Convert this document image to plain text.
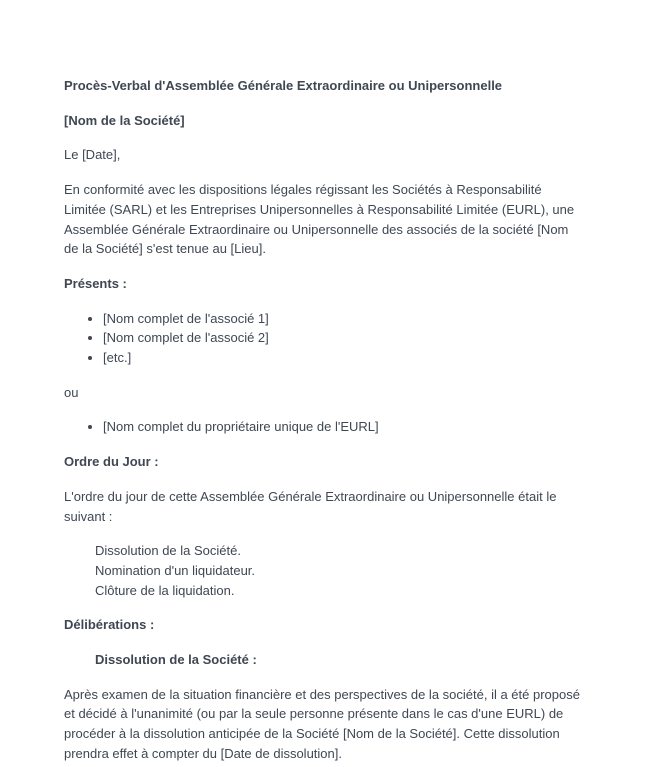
Procès-Verbal d'Assemblée Générale Extraordinaire ou Unipersonnelle

[Nom de la Société]

Le [Date],

En conformité avec les dispositions légales régissant les Sociétés à Responsabilité Limitée (SARL) et les Entreprises Unipersonnelles à Responsabilité Limitée (EURL), une Assemblée Générale Extraordinaire ou Unipersonnelle des associés de la société [Nom de la Société] s'est tenue au [Lieu].

Présents :

• [Nom complet de l'associé 1]
• [Nom complet de l'associé 2]
• [etc.]

ou

• [Nom complet du propriétaire unique de l'EURL]

Ordre du Jour :

L'ordre du jour de cette Assemblée Générale Extraordinaire ou Unipersonnelle était le suivant :

Dissolution de la Société.

Nomination d'un liquidateur.

Clôture de la liquidation.

Délibérations :

Dissolution de la Société :

Après examen de la situation financière et des perspectives de la société, il a été proposé et décidé à l'unanimité (ou par la seule personne présente dans le cas d'une EURL) de procéder à la dissolution anticipée de la Société [Nom de la Société]. Cette dissolution prendra effet à compter du [Date de dissolution].
